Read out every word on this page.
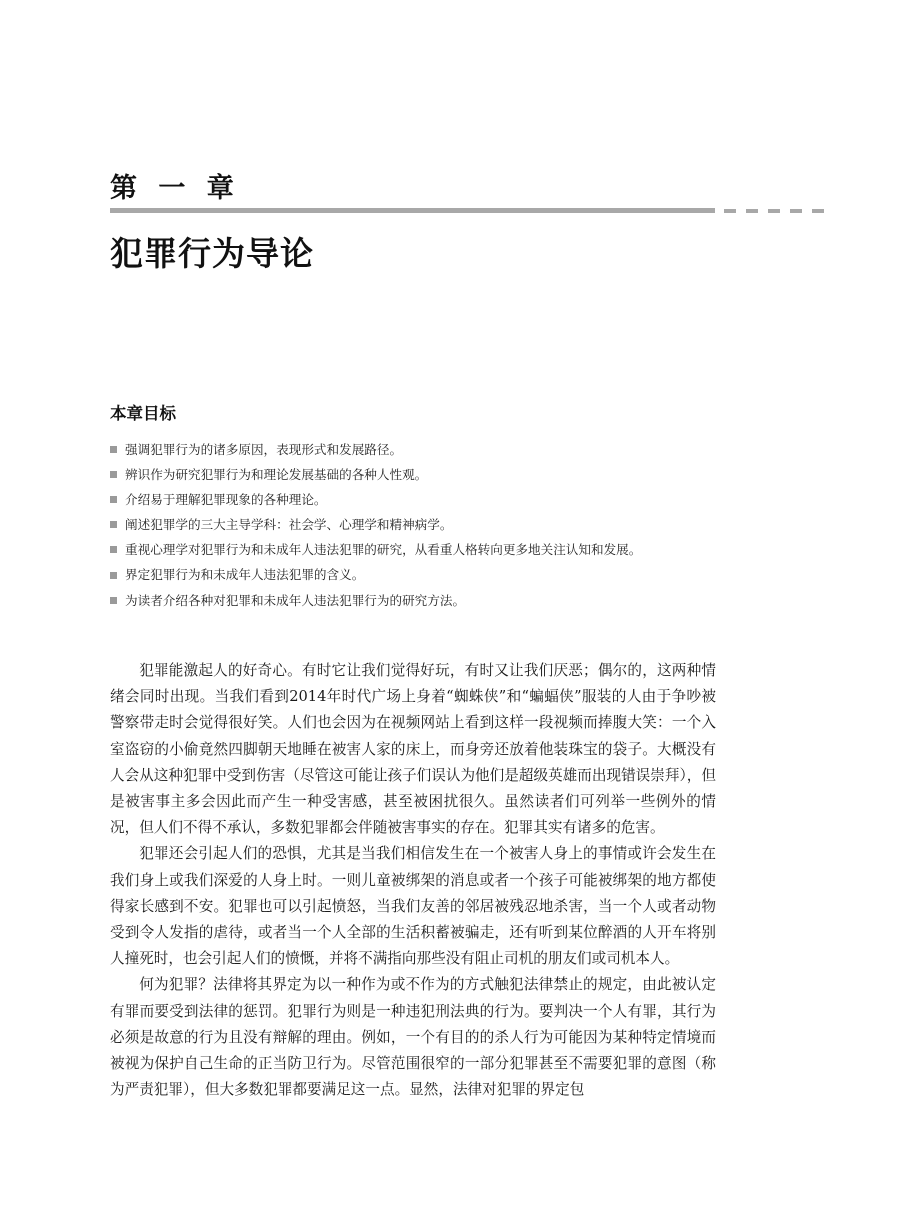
第 一 章
犯罪行为导论
本章目标
强调犯罪行为的诸多原因，表现形式和发展路径。
辨识作为研究犯罪行为和理论发展基础的各种人性观。
介绍易于理解犯罪现象的各种理论。
阐述犯罪学的三大主导学科：社会学、心理学和精神病学。
重视心理学对犯罪行为和未成年人违法犯罪的研究，从看重人格转向更多地关注认知和发展。
界定犯罪行为和未成年人违法犯罪的含义。
为读者介绍各种对犯罪和未成年人违法犯罪行为的研究方法。

犯罪能激起人的好奇心。有时它让我们觉得好玩，有时又让我们厌恶；偶尔的，这两种情绪会同时出现。当我们看到2014年时代广场上身着“蜘蛛侠”和“蝙蝠侠”服装的人由于争吵被警察带走时会觉得很好笑。人们也会因为在视频网站上看到这样一段视频而捧腹大笑：一个入室盗窃的小偷竟然四脚朝天地睡在被害人家的床上，而身旁还放着他装珠宝的袋子。大概没有人会从这种犯罪中受到伤害（尽管这可能让孩子们误认为他们是超级英雄而出现错误崇拜），但是被害事主多会因此而产生一种受害感，甚至被困扰很久。虽然读者们可列举一些例外的情况，但人们不得不承认，多数犯罪都会伴随被害事实的存在。犯罪其实有诸多的危害。

犯罪还会引起人们的恐惧，尤其是当我们相信发生在一个被害人身上的事情或许会发生在我们身上或我们深爱的人身上时。一则儿童被绑架的消息或者一个孩子可能被绑架的地方都使得家长感到不安。犯罪也可以引起愤怒，当我们友善的邻居被残忍地杀害，当一个人或者动物受到令人发指的虐待，或者当一个人全部的生活积蓄被骗走，还有听到某位醉酒的人开车将别人撞死时，也会引起人们的愤慨，并将不满指向那些没有阻止司机的朋友们或司机本人。

何为犯罪？法律将其界定为以一种作为或不作为的方式触犯法律禁止的规定，由此被认定有罪而要受到法律的惩罚。犯罪行为则是一种违犯刑法典的行为。要判决一个人有罪，其行为必须是故意的行为且没有辩解的理由。例如，一个有目的的杀人行为可能因为某种特定情境而被视为保护自己生命的正当防卫行为。尽管范围很窄的一部分犯罪甚至不需要犯罪的意图（称为严责犯罪），但大多数犯罪都要满足这一点。显然，法律对犯罪的界定包
